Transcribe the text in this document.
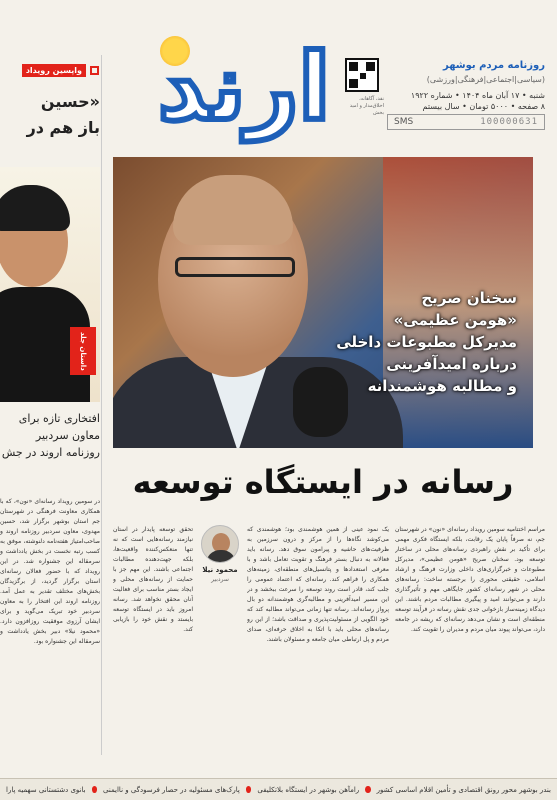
ارند	نقد، آگاهانه، اخلاق‌مدار و امید بخش
روزنامه مردم بوشهر
(سیاسی|اجتماعی|فرهنگی|ورزشی)
شنبه • ۱۷ آبان ماه ۱۴۰۴ • شماره ۱۹۲۲
۸ صفحه • ۵۰۰۰ تومان • سال بیستم
SMS	100000631
واپسین رویداد
«حسین
باز هم در
داستان جلد
افتخاری تازه برای معاون سردبیر روزنامه اروند در جش
در سومین رویداد رسانه‌ای «نون»، که با همکاری معاونت فرهنگی در شهرستان جم استان بوشهر برگزار شد، حسین مهدوی، معاون سردبیر روزنامه اروند و صاحب‌امتیاز هفته‌نامه دلنوشته، موفق به کسب رتبه نخست در بخش یادداشت و سرمقاله این جشنواره شد. در این رویداد که با حضور فعالان رسانه‌ای استان برگزار گردید، از برگزیدگان بخش‌های مختلف تقدیر به عمل آمد. روزنامه اروند این افتخار را به معاون سردبیر خود تبریک می‌گوید و برای ایشان آرزوی موفقیت روزافزون دارد. «محمود نیلا» دبیر بخش یادداشت و سرمقاله این جشنواره بود.
سخنان صریح
«هومن عظیمی»
مدیرکل مطبوعات داخلی
درباره امیدآفرینی
و مطالبه هوشمندانه
رسانه در ایستگاه توسعه
مراسم اختتامیه سومین رویداد رسانه‌ای «نون» در شهرستان جم، نه صرفاً پایان یک رقابت، بلکه ایستگاه فکری مهمی برای تأکید بر نقش راهبردی رسانه‌های محلی در ساختار توسعه بود. سخنان صریح «هومن عظیمی»، مدیرکل مطبوعات و خبرگزاری‌های داخلی وزارت فرهنگ و ارشاد اسلامی، حقیقتی محوری را برجسته ساخت: رسانه‌های محلی در شهر رسانه‌ای کشور جایگاهی مهم و تأثیرگذاری دارند و می‌توانند امید و پیگیری مطالبات مردم باشند. این دیدگاه زمینه‌ساز بازخوانی جدی نقش رسانه در فرآیند توسعه منطقه‌ای است و نشان می‌دهد رسانه‌ای که ریشه در جامعه دارد، می‌تواند پیوند میان مردم و مدیران را تقویت کند.
یک نمود عینی از همین هوشمندی بود؛ هوشمندی که می‌کوشد نگاه‌ها را از مرکز و درون سرزمین به ظرفیت‌های حاشیه و پیرامون سوق دهد. رسانه باید فعالانه به دنبال بستر فرهنگ و تقویت تعامل باشد و با معرفی استعدادها و پتانسیل‌های منطقه‌ای، زمینه‌های همکاری را فراهم کند. رسانه‌ای که اعتماد عمومی را جلب کند، قادر است روند توسعه را سرعت ببخشد و در این مسیر امیدآفرینی و مطالبه‌گری هوشمندانه دو بال پرواز رسانه‌اند. رسانه تنها زمانی می‌تواند مطالبه کند که خود الگویی از مسئولیت‌پذیری و صداقت باشد؛ از این رو رسانه‌های محلی باید با اتکا به اخلاق حرفه‌ای، صدای مردم و پل ارتباطی میان جامعه و مسئولان باشند.
محمود نیلا
سردبیر
تحقق توسعه پایدار در استان نیازمند رسانه‌هایی است که نه تنها منعکس‌کننده واقعیت‌ها، بلکه جهت‌دهنده مطالبات اجتماعی باشند. این مهم جز با حمایت از رسانه‌های محلی و ایجاد بستر مناسب برای فعالیت آنان محقق نخواهد شد. رسانه امروز باید در ایستگاه توسعه بایستد و نقش خود را بازیابی کند.
بندر بوشهر محور رونق اقتصادی و تأمین اقلام اساسی کشور
رامآهن بوشهر در ایستگاه بلاتکلیفی
پارک‌های مسئولیه در حصار فرسودگی و ناایمنی
بانوی دشتستانی سهمیه پارا
